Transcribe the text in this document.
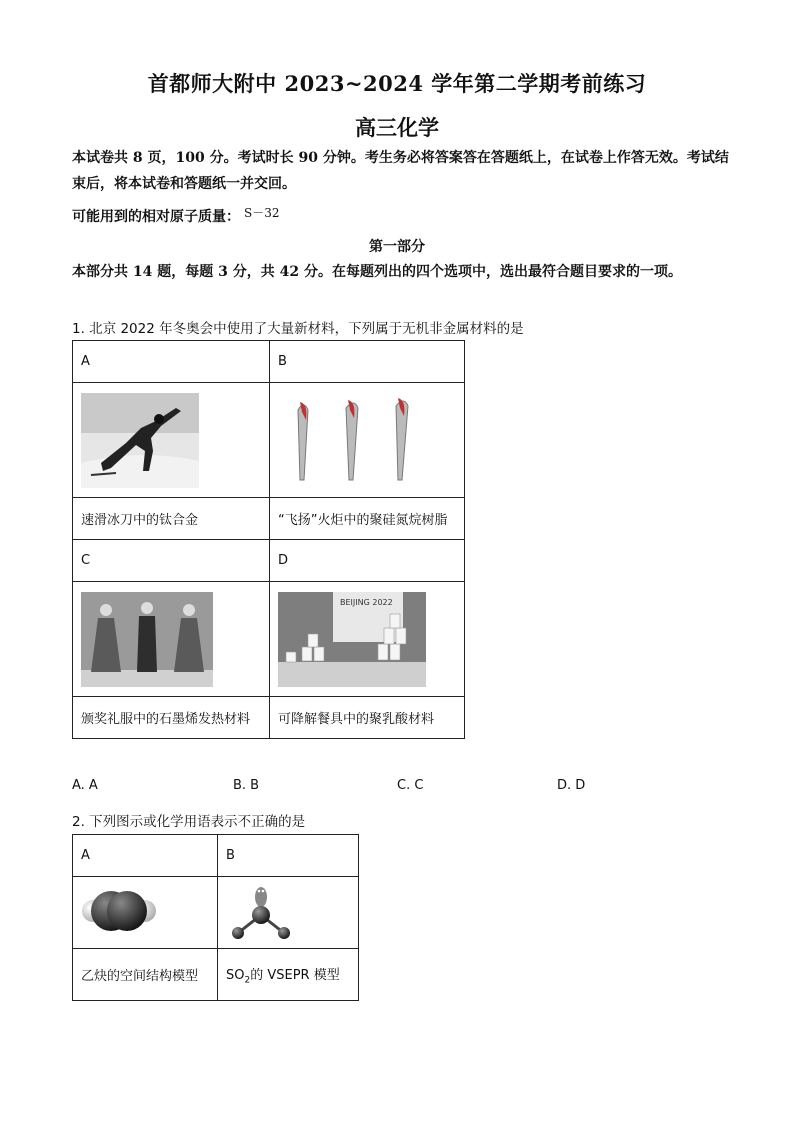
首都师大附中 2023~2024 学年第二学期考前练习
高三化学
本试卷共 8 页，100 分。考试时长 90 分钟。考生务必将答案答在答题纸上，在试卷上作答无效。考试结束后，将本试卷和答题纸一并交回。
可能用到的相对原子质量： S－32
第一部分
本部分共 14 题，每题 3 分，共 42 分。在每题列出的四个选项中，选出最符合题目要求的一项。
1. 北京 2022 年冬奥会中使用了大量新材料，下列属于无机非金属材料的是
A	B

速滑冰刀中的钛合金	“飞扬”火炬中的聚硅氮烷树脂
C	D

BEIJING 2022

颁奖礼服中的石墨烯发热材料	可降解餐具中的聚乳酸材料
A. A	B. B	C. C	D. D
2. 下列图示或化学用语表示不正确的是
A	B

乙炔的空间结构模型	$SO_2$的 VSEPR 模型
